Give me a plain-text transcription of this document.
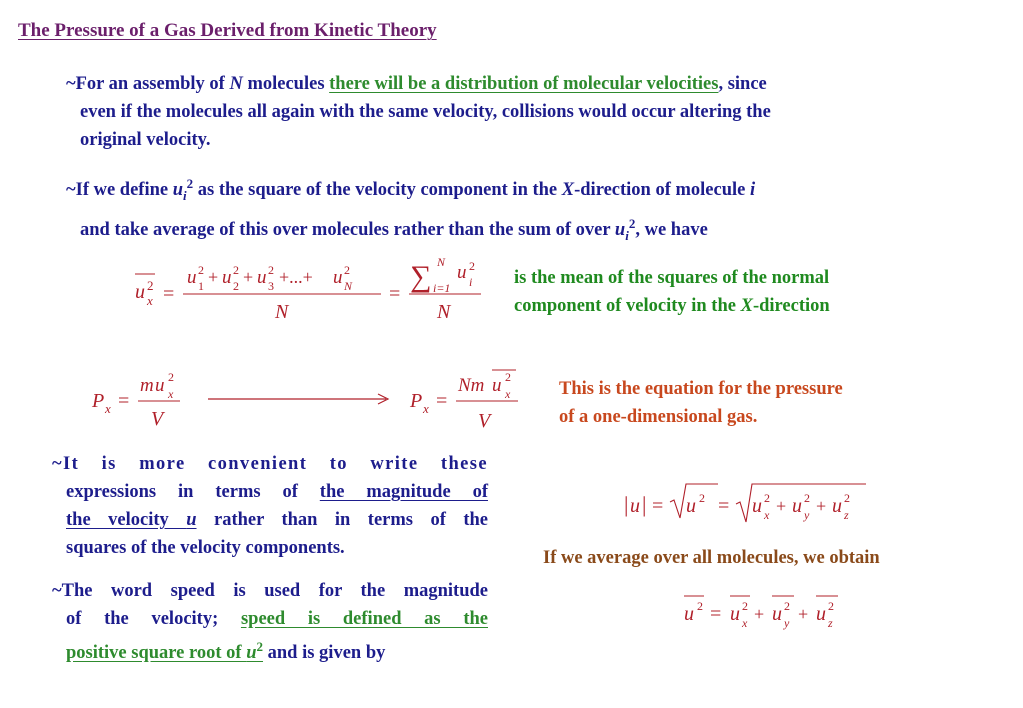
The Pressure of a Gas Derived from Kinetic Theory
~For an assembly of N molecules there will be a distribution of molecular velocities, since
even if the molecules all again with the same velocity, collisions would occur altering the
original velocity.
~If we define $u_i^2$ as the square of the velocity component in the X-direction of molecule i
and take average of this over molecules rather than the sum of over $u_i^2$, we have
u 2
x =
u 2
1 + u 2
2 + u 2
3 +...+ u 2
N
N
=
∑ N
i=1
u 2
i
N
is the mean of the squares of the normal
component of velocity in the X-direction
P x =
m u 2
x
V
P x =
Nm u 2
x
V
This is the equation for the pressure
of a one-dimensional gas.
~It is more convenient to write these
expressions in terms of the magnitude of
the velocity u rather than in terms of the
squares of the velocity components.
~The word speed is used for the magnitude
of the velocity; speed is defined as the
positive square root of $u^2$ and is given by
| u | = u 2 = u 2
x + u 2
y + u 2
z
If we average over all molecules, we obtain
u 2 = u 2
x + u 2
y + u 2
z
